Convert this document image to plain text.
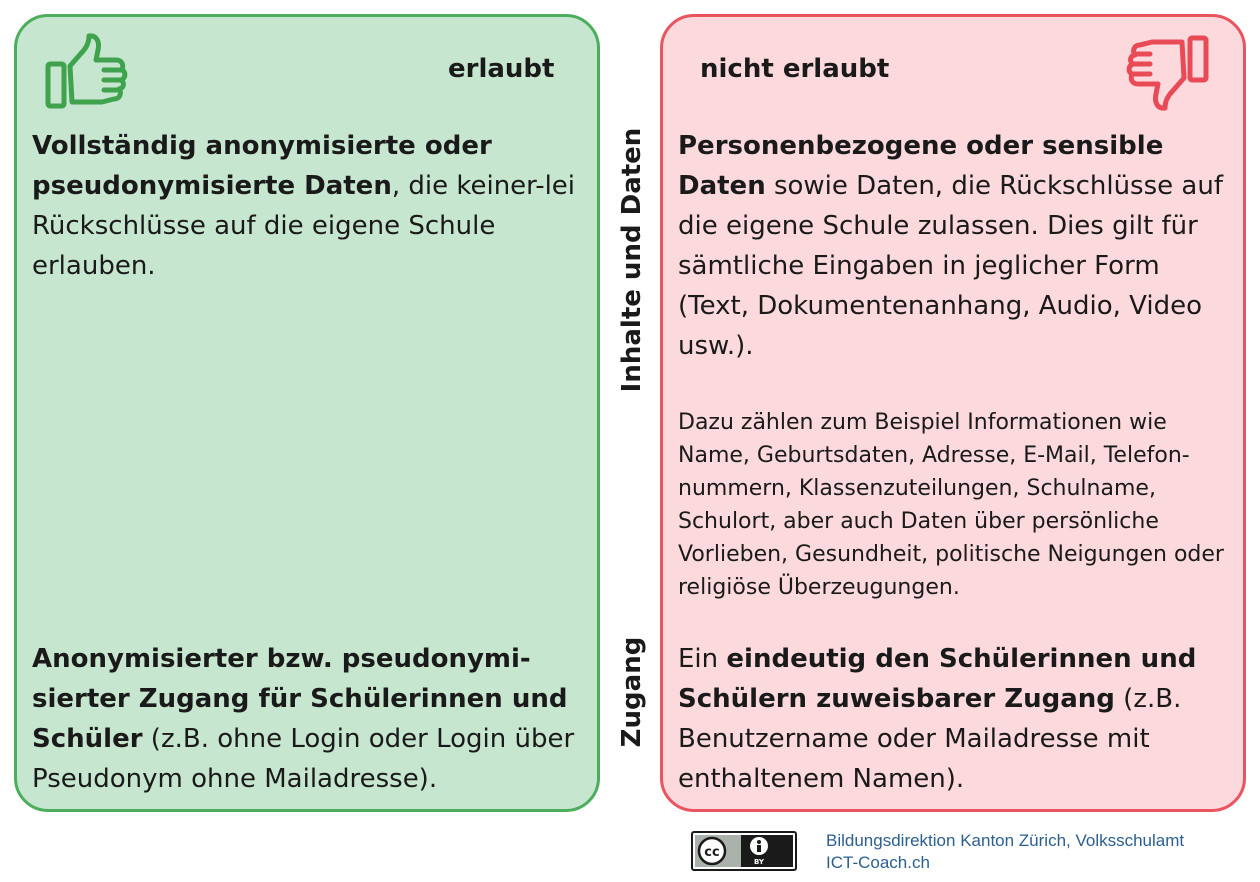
erlaubt	nicht erlaubt
Vollständig anonymisierte oder pseudonymisierte Daten, die keiner-lei Rückschlüsse auf die eigene Schule erlauben.
Personenbezogene oder sensible Daten sowie Daten, die Rückschlüsse auf die eigene Schule zulassen. Dies gilt für sämtliche Eingaben in jeglicher Form (Text, Dokumentenanhang, Audio, Video usw.).
Dazu zählen zum Beispiel Informationen wie Name, Geburtsdaten, Adresse, E-Mail, Telefon-nummern, Klassenzuteilungen, Schulname, Schulort, aber auch Daten über persönliche Vorlieben, Gesundheit, politische Neigungen oder religiöse Überzeugungen.
Anonymisierter bzw. pseudonymi-sierter Zugang für Schülerinnen und Schüler (z.B. ohne Login oder Login über Pseudonym ohne Mailadresse).
Ein eindeutig den Schülerinnen und Schülern zuweisbarer Zugang (z.B. Benutzername oder Mailadresse mit enthaltenem Namen).
Inhalte und Daten
Zugang
cc
BY
Bildungsdirektion Kanton Zürich, Volksschulamt
ICT-Coach.ch
